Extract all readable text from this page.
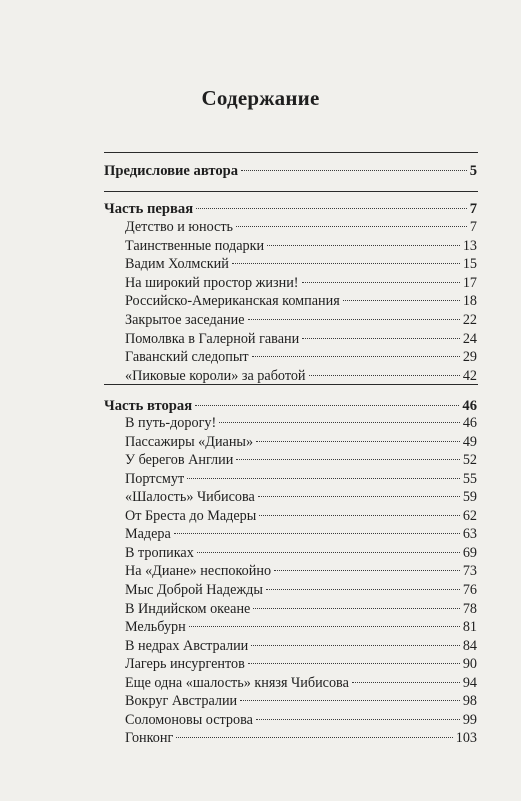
Содержание
Предисловие автора	5
Часть первая	7
Детство и юность	7
Таинственные подарки	13
Вадим Холмский	15
На широкий простор жизни!	17
Российско-Американская компания	18
Закрытое заседание	22
Помолвка в Галерной гавани	24
Гаванский следопыт	29
«Пиковые короли» за работой	42
Часть вторая	46
В путь-дорогу!	46
Пассажиры «Дианы»	49
У берегов Англии	52
Портсмут	55
«Шалость» Чибисова	59
От Бреста до Мадеры	62
Мадера	63
В тропиках	69
На «Диане» неспокойно	73
Мыс Доброй Надежды	76
В Индийском океане	78
Мельбурн	81
В недрах Австралии	84
Лагерь инсургентов	90
Еще одна «шалость» князя Чибисова	94
Вокруг Австралии	98
Соломоновы острова	99
Гонконг	103
